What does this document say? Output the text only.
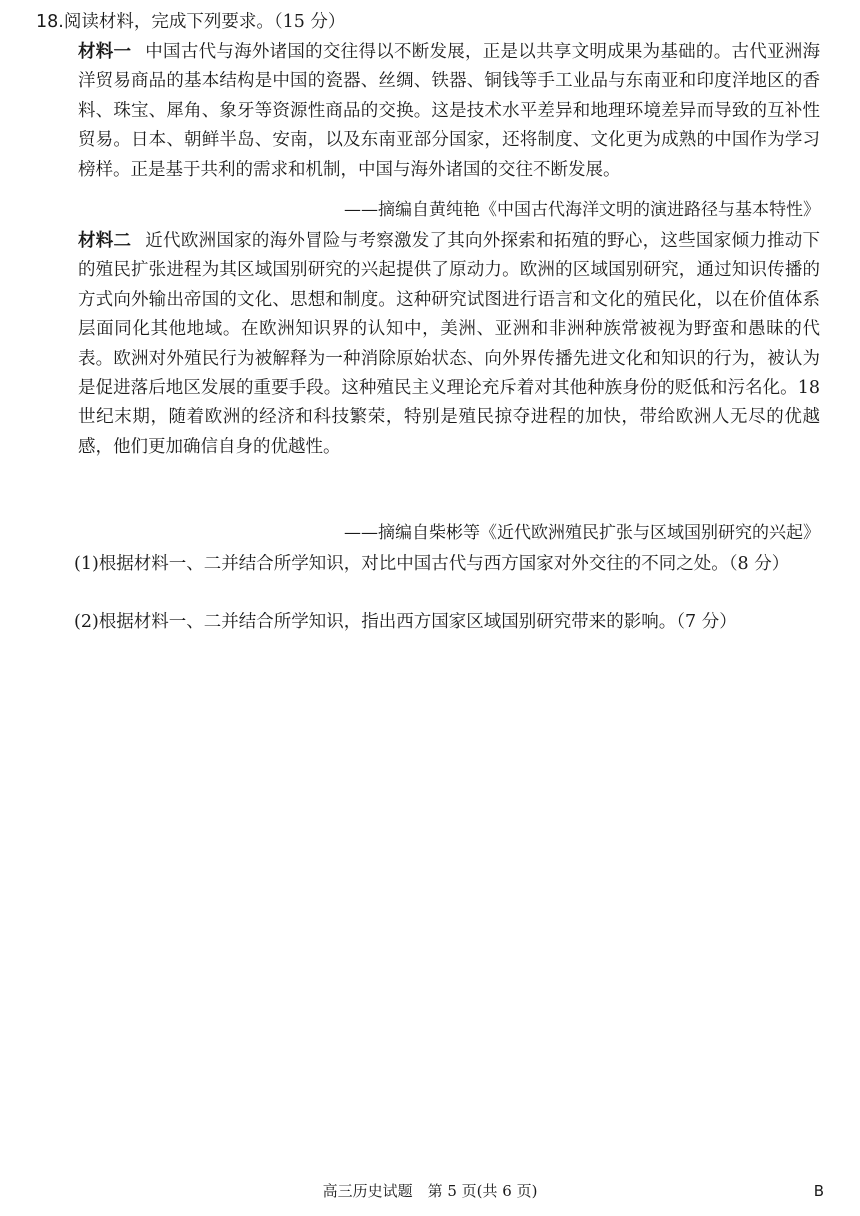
18.阅读材料，完成下列要求。（15 分）

材料一 中国古代与海外诸国的交往得以不断发展，正是以共享文明成果为基础的。古代亚洲海洋贸易商品的基本结构是中国的瓷器、丝绸、铁器、铜钱等手工业品与东南亚和印度洋地区的香料、珠宝、犀角、象牙等资源性商品的交换。这是技术水平差异和地理环境差异而导致的互补性贸易。日本、朝鲜半岛、安南，以及东南亚部分国家，还将制度、文化更为成熟的中国作为学习榜样。正是基于共利的需求和机制，中国与海外诸国的交往不断发展。

——摘编自黄纯艳《中国古代海洋文明的演进路径与基本特性》

材料二 近代欧洲国家的海外冒险与考察激发了其向外探索和拓殖的野心，这些国家倾力推动下的殖民扩张进程为其区域国别研究的兴起提供了原动力。欧洲的区域国别研究，通过知识传播的方式向外输出帝国的文化、思想和制度。这种研究试图进行语言和文化的殖民化，以在价值体系层面同化其他地域。在欧洲知识界的认知中，美洲、亚洲和非洲种族常被视为野蛮和愚昧的代表。欧洲对外殖民行为被解释为一种消除原始状态、向外界传播先进文化和知识的行为，被认为是促进落后地区发展的重要手段。这种殖民主义理论充斥着对其他种族身份的贬低和污名化。18 世纪末期，随着欧洲的经济和科技繁荣，特别是殖民掠夺进程的加快，带给欧洲人无尽的优越感，他们更加确信自身的优越性。

——摘编自柴彬等《近代欧洲殖民扩张与区域国别研究的兴起》
(1)根据材料一、二并结合所学知识，对比中国古代与西方国家对外交往的不同之处。（8 分）
(2)根据材料一、二并结合所学知识，指出西方国家区域国别研究带来的影响。（7 分）
高三历史试题　第 5 页(共 6 页)	B
